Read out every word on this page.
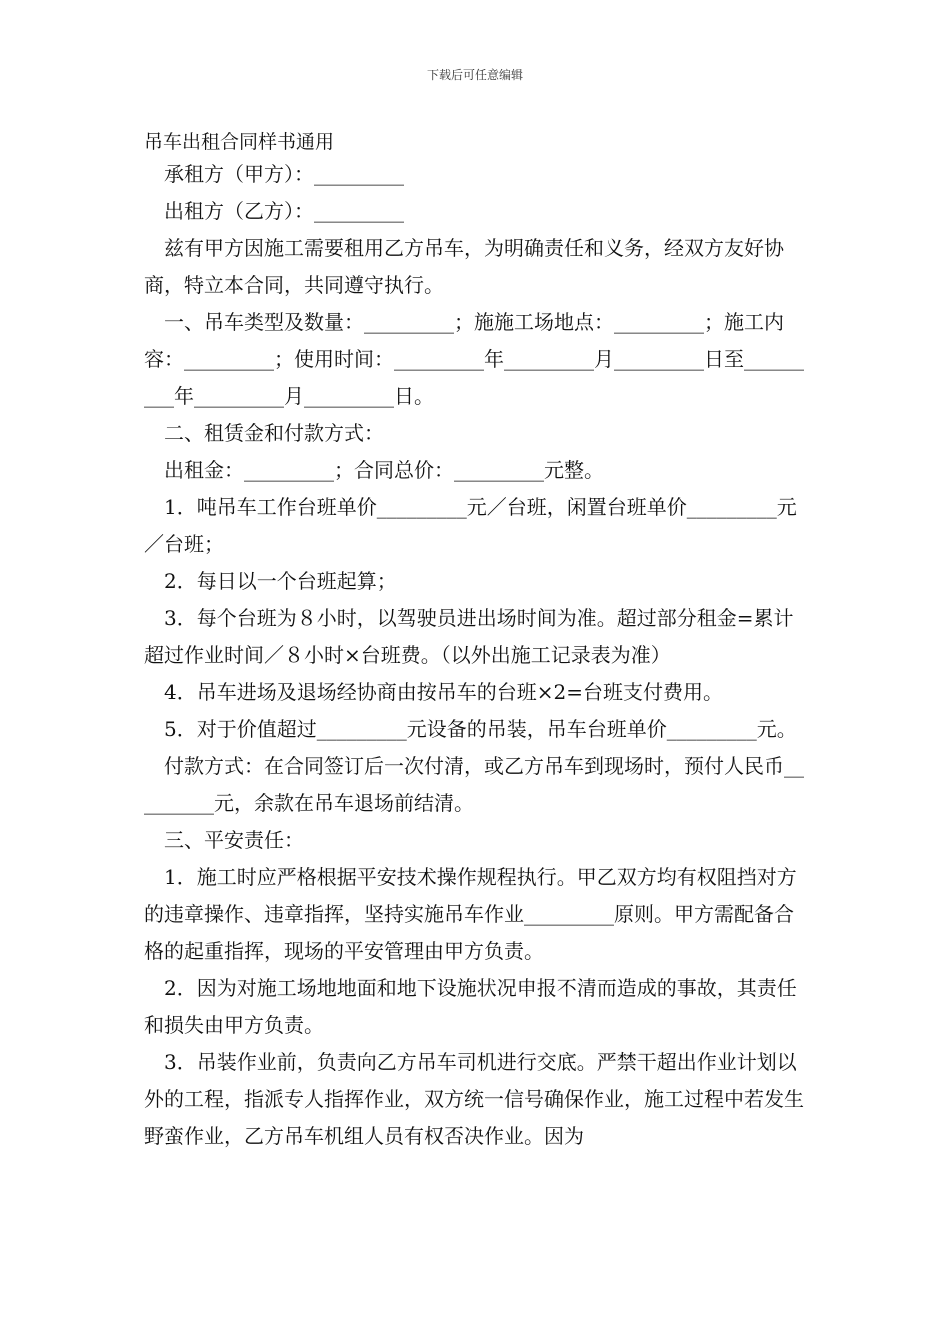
下载后可任意编辑
吊车出租合同样书通用

承租方（甲方）：_________

出租方（乙方）：_________

兹有甲方因施工需要租用乙方吊车，为明确责任和义务，经双方友好协商，特立本合同，共同遵守执行。

一、吊车类型及数量：_________；施施工场地点：_________；施工内容：_________；使用时间：_________年_________月_________日至_________年_________月_________日。

二、租赁金和付款方式：

出租金：_________；合同总价：_________元整。

1．吨吊车工作台班单价_________元／台班，闲置台班单价_________元／台班；

2．每日以一个台班起算；

3．每个台班为８小时，以驾驶员进出场时间为准。超过部分租金=累计超过作业时间／８小时×台班费。（以外出施工记录表为准）

4．吊车进场及退场经协商由按吊车的台班×2=台班支付费用。

5．对于价值超过_________元设备的吊装，吊车台班单价_________元。

付款方式：在合同签订后一次付清，或乙方吊车到现场时，预付人民币_________元，余款在吊车退场前结清。

三、平安责任：

1．施工时应严格根据平安技术操作规程执行。甲乙双方均有权阻挡对方的违章操作、违章指挥，坚持实施吊车作业_________原则。甲方需配备合格的起重指挥，现场的平安管理由甲方负责。

2．因为对施工场地地面和地下设施状况申报不清而造成的事故，其责任和损失由甲方负责。

3．吊装作业前，负责向乙方吊车司机进行交底。严禁干超出作业计划以外的工程，指派专人指挥作业，双方统一信号确保作业，施工过程中若发生野蛮作业，乙方吊车机组人员有权否决作业。因为
